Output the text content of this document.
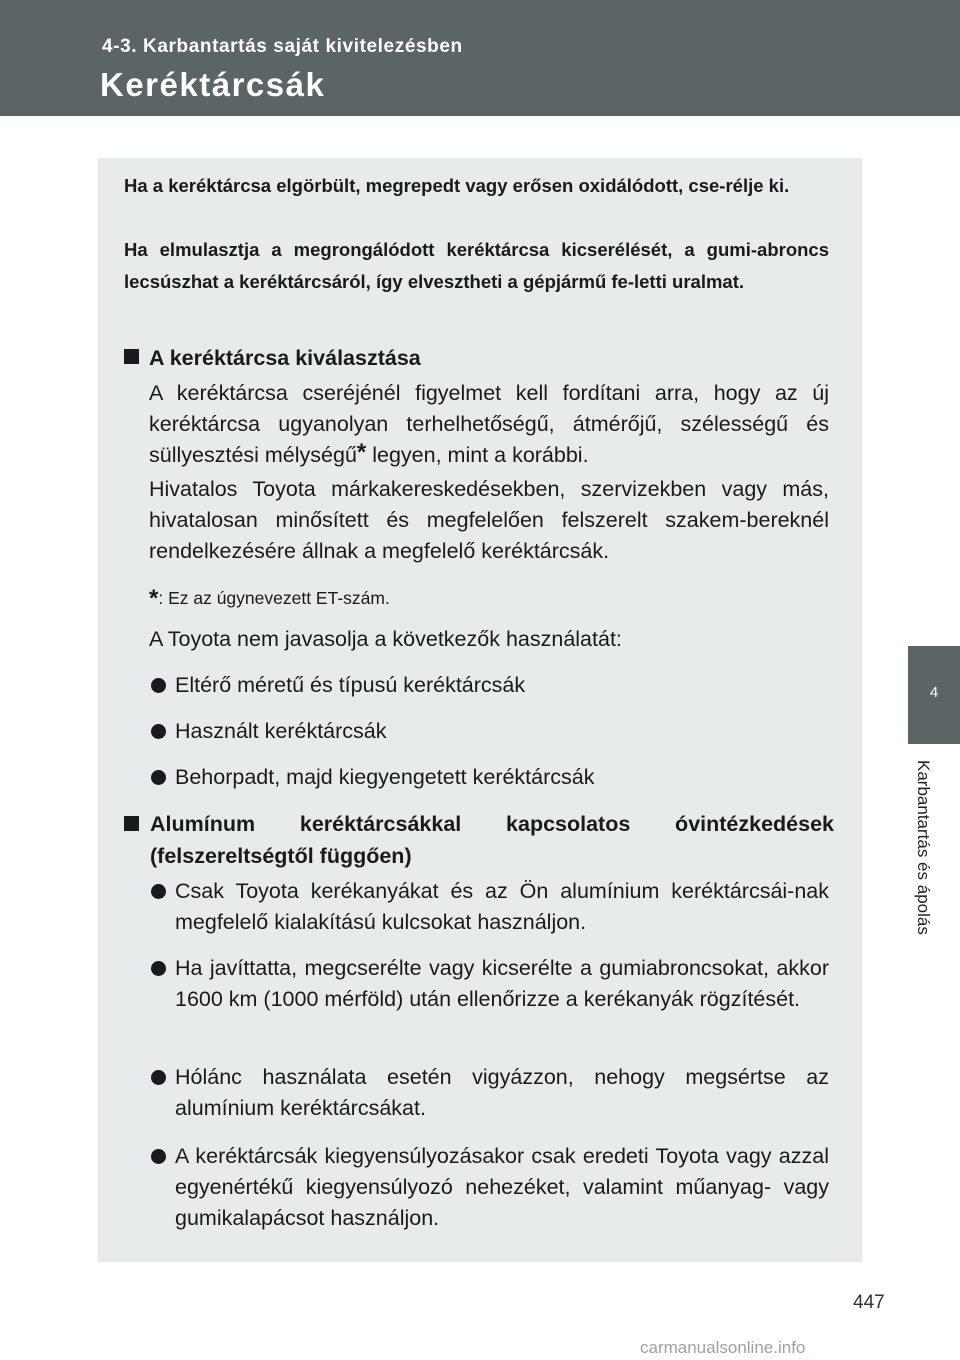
4-3. Karbantartás saját kivitelezésben
Keréktárcsák
4
Karbantartás és ápolás

Ha a keréktárcsa elgörbült, megrepedt vagy erősen oxidálódott, cse-rélje ki.

Ha elmulasztja a megrongálódott keréktárcsa kicserélését, a gumi-abroncs lecsúszhat a keréktárcsáról, így elvesztheti a gépjármű fe-letti uralmat.

A keréktárcsa kiválasztása

A keréktárcsa cseréjénél figyelmet kell fordítani arra, hogy az új keréktárcsa ugyanolyan terhelhetőségű, átmérőjű, szélességű és süllyesztési mélységű* legyen, mint a korábbi.

Hivatalos Toyota márkakereskedésekben, szervizekben vagy más, hivatalosan minősített és megfelelően felszerelt szakem-bereknél rendelkezésére állnak a megfelelő keréktárcsák.

*: Ez az úgynevezett ET-szám.
A Toyota nem javasolja a következők használatát:
Eltérő méretű és típusú keréktárcsák
Használt keréktárcsák
Behorpadt, majd kiegyengetett keréktárcsák
Alumínum keréktárcsákkal kapcsolatos óvintézkedések
(felszereltségtől függően)
Csak Toyota kerékanyákat és az Ön alumínium keréktárcsái-nak megfelelő kialakítású kulcsokat használjon.
Ha javíttatta, megcserélte vagy kicserélte a gumiabroncsokat, akkor 1600 km (1000 mérföld) után ellenőrizze a kerékanyák rögzítését.
Hólánc használata esetén vigyázzon, nehogy megsértse az alumínium keréktárcsákat.
A keréktárcsák kiegyensúlyozásakor csak eredeti Toyota vagy azzal egyenértékű kiegyensúlyozó nehezéket, valamint műanyag- vagy gumikalapácsot használjon.
447
carmanualsonline.info
